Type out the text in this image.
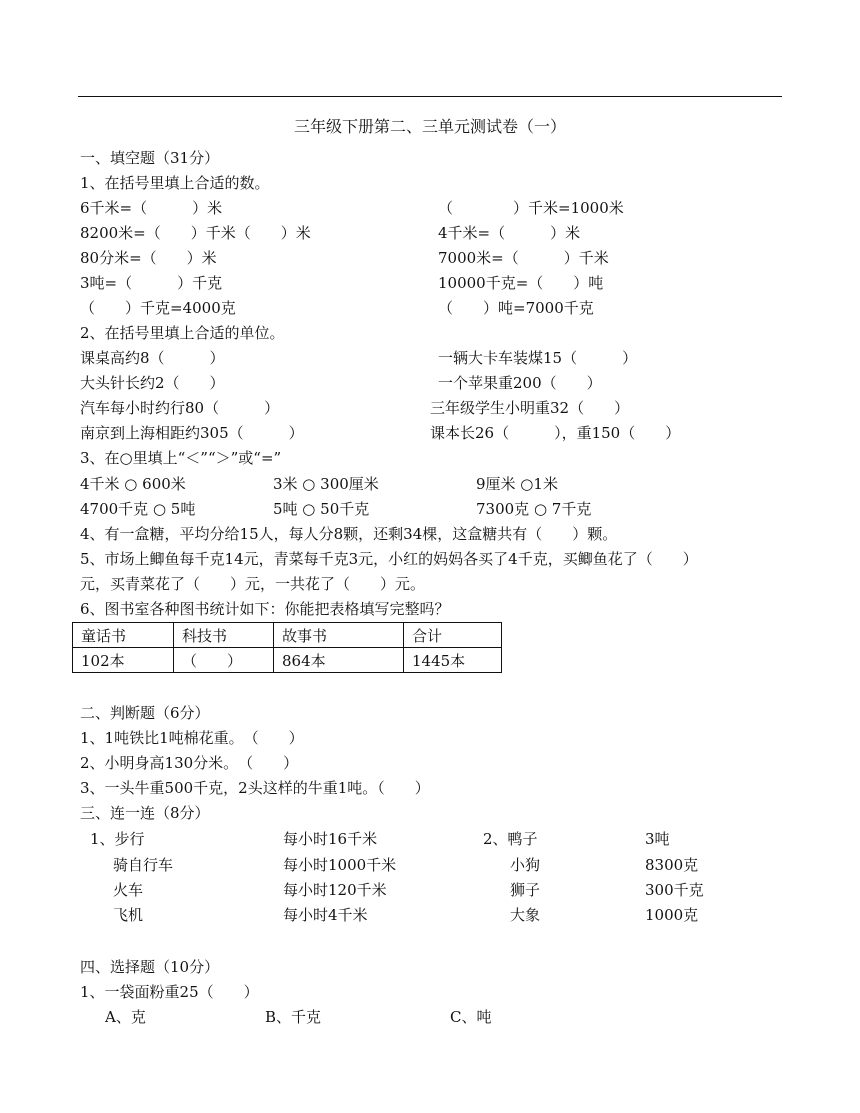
三年级下册第二、三单元测试卷（一）
一、填空题（31分）
1、在括号里填上合适的数。
6千米=（　　　）米	（　　　　）千米=1000米
8200米=（　　）千米（　　）米	4千米=（　　　）米
80分米=（　　）米	7000米=（　　　）千米
3吨=（　　　）千克	10000千克=（　　）吨
（　　）千克=4000克	（　　）吨=7000千克
2、在括号里填上合适的单位。
课桌高约8（　　　）	一辆大卡车装煤15（　　　）
大头针长约2（　　）	一个苹果重200（　　）
汽车每小时约行80（　　　）	三年级学生小明重32（　　）
南京到上海相距约305（　　　）	课本长26（　　　），重150（　　）
3、在○里填上“＜”“＞”或“=”
4千米 ○ 600米	3米 ○ 300厘米	9厘米 ○1米
4700千克 ○ 5吨	5吨 ○ 50千克	7300克 ○ 7千克
4、有一盒糖，平均分给15人，每人分8颗，还剩34棵，这盒糖共有（　　）颗。
5、市场上鲫鱼每千克14元，青菜每千克3元，小红的妈妈各买了4千克，买鲫鱼花了（　　）
元，买青菜花了（　　）元，一共花了（　　）元。
6、图书室各种图书统计如下：你能把表格填写完整吗？
童话书	科技书	故事书	合计
102本	（　　）	864本	1445本
二、判断题（6分）
1、1吨铁比1吨棉花重。　（　　）
2、小明身高130分米。　（　　）
3、一头牛重500千克，2头这样的牛重1吨。（　　）
三、连一连（8分）
1、步行	每小时16千米	2、鸭子	3吨
骑自行车	每小时1000千米	小狗	8300克
火车	每小时120千米	狮子	300千克
飞机	每小时4千米	大象	1000克
四、选择题（10分）
1、一袋面粉重25（　　）
A、克	B、千克	C、吨
